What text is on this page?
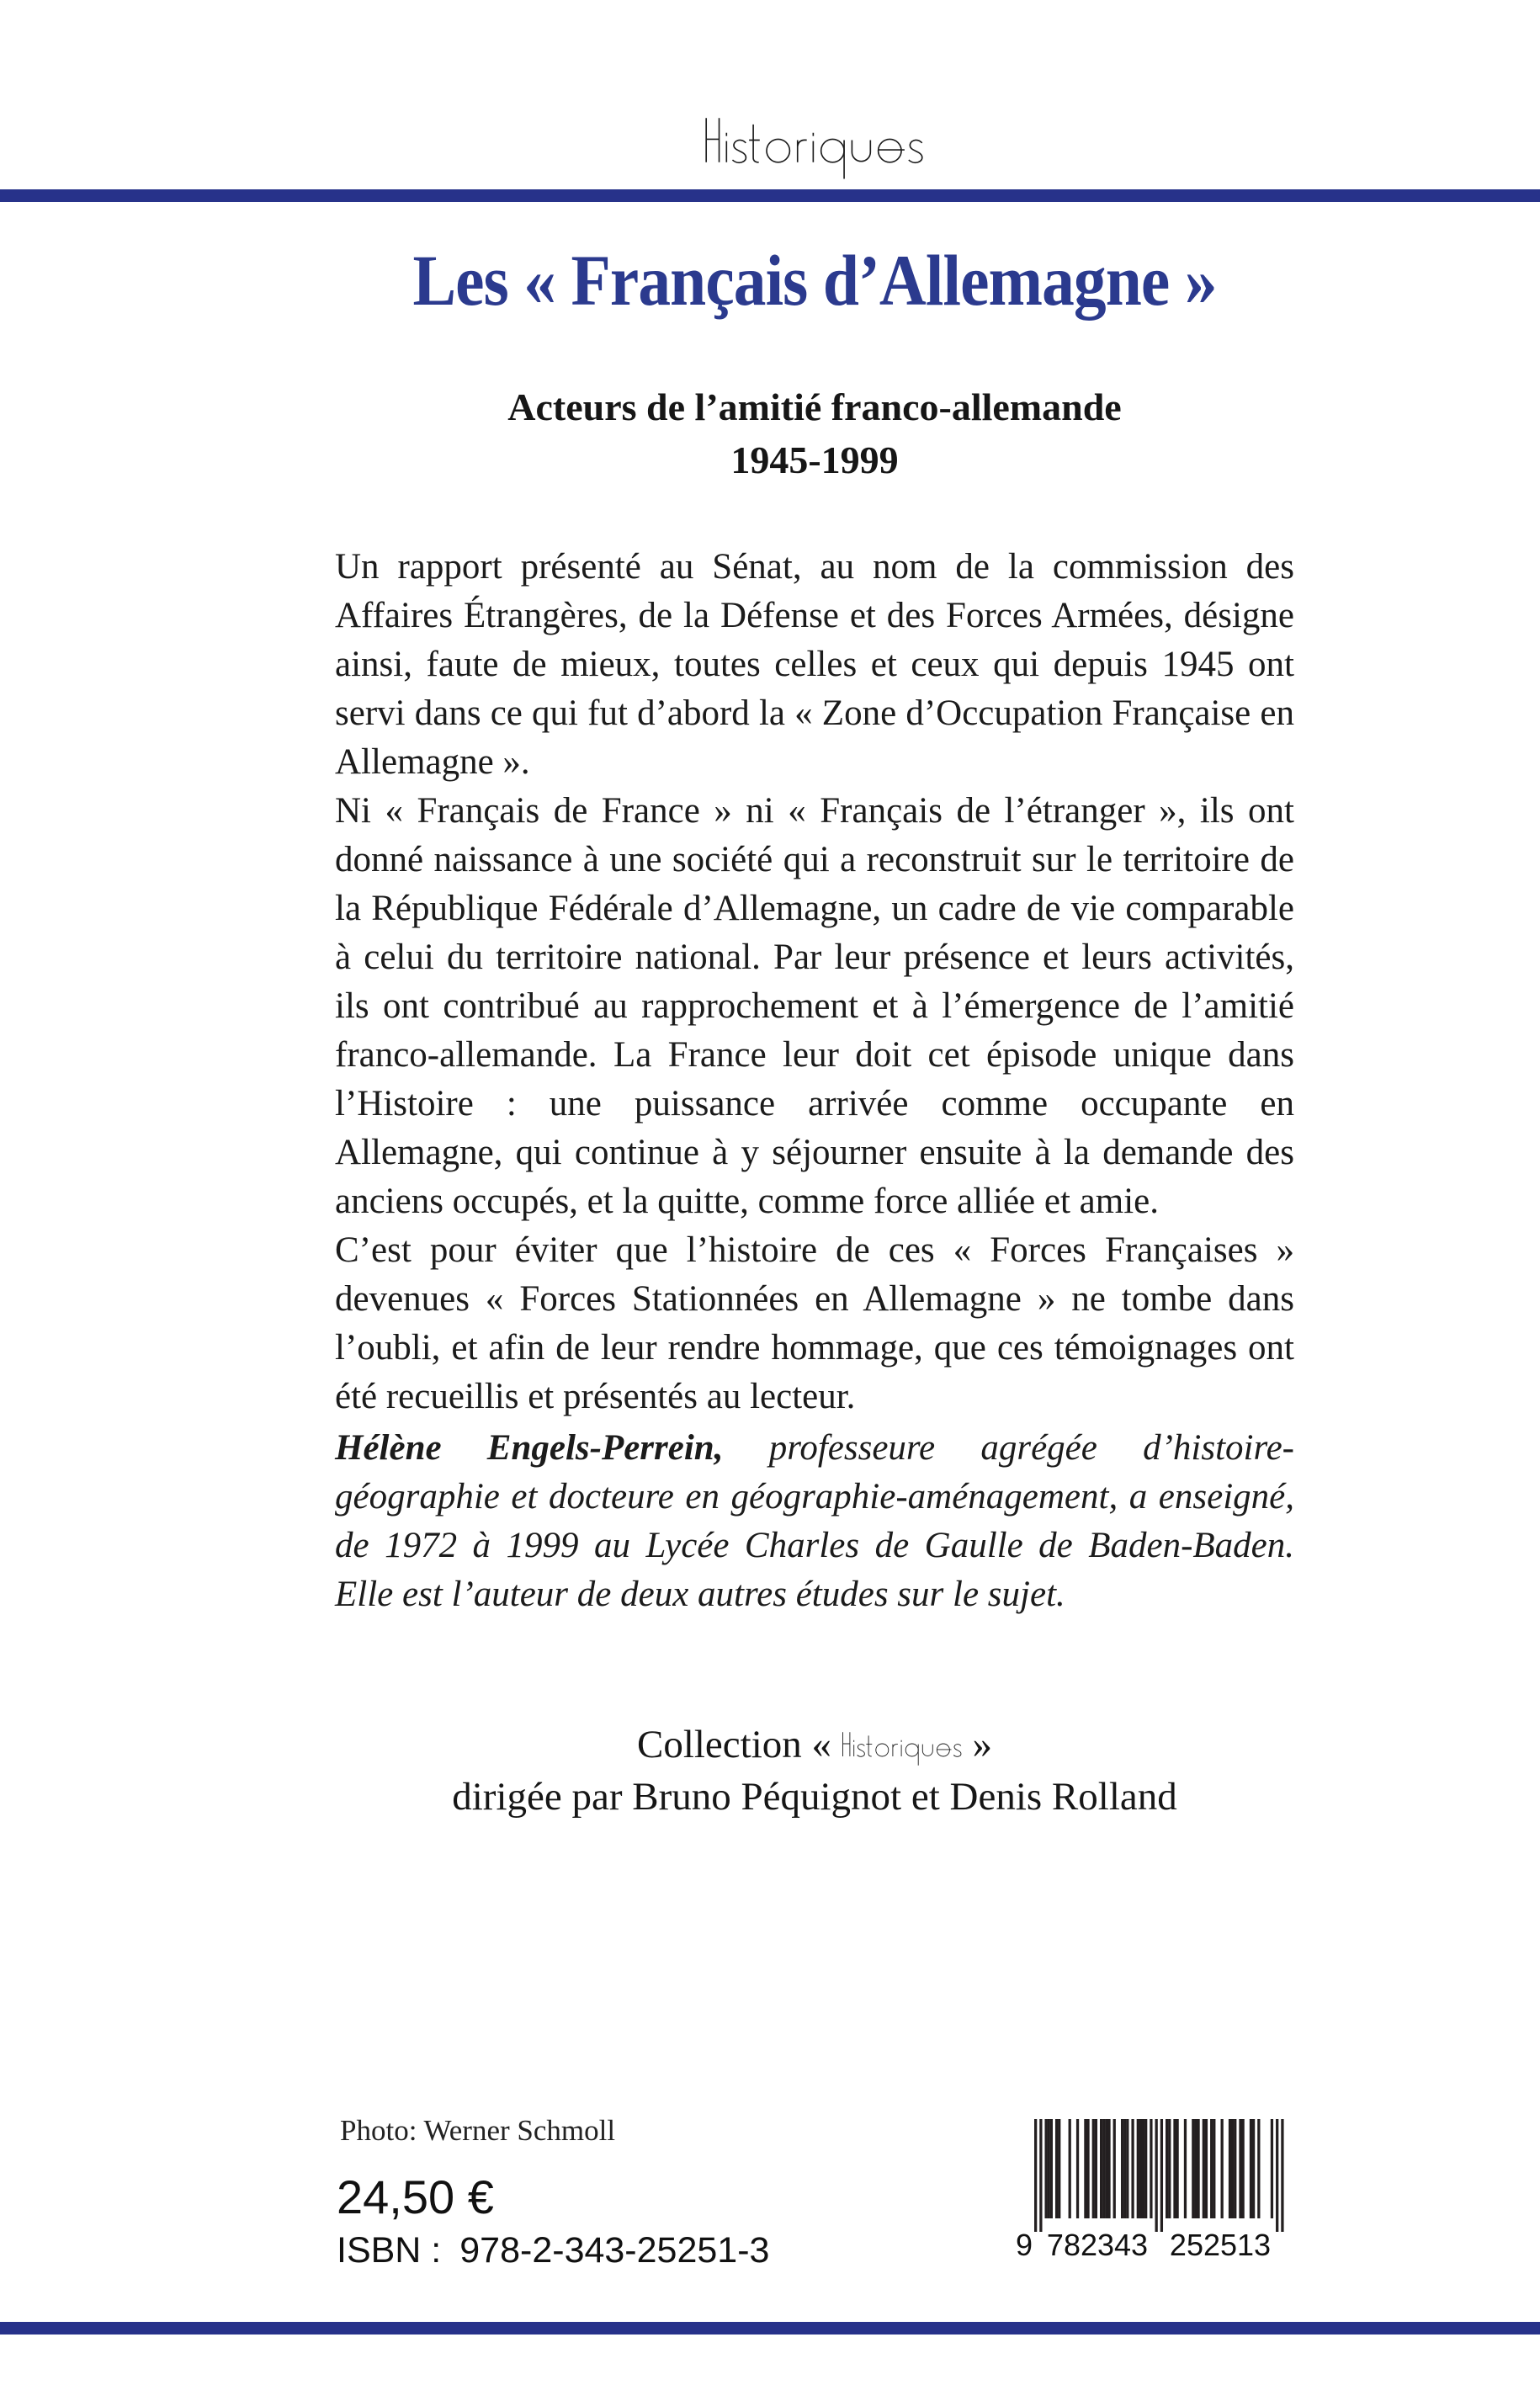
Les « Français d’Allemagne »
Acteurs de l’amitié franco-allemande
1945-1999

Un rapport présenté au Sénat, au nom de la commission des Affaires Étrangères, de la Défense et des Forces Armées, désigne ainsi, faute de mieux, toutes celles et ceux qui depuis 1945 ont servi dans ce qui fut d’abord la « Zone d’Occupation Française en Allemagne ».

Ni « Français de France » ni « Français de l’étranger », ils ont donné naissance à une société qui a reconstruit sur le territoire de la République Fédérale d’Allemagne, un cadre de vie comparable à celui du territoire national. Par leur présence et leurs activités, ils ont contribué au rapprochement et à l’émergence de l’amitié franco-allemande. La France leur doit cet épisode unique dans l’Histoire : une puissance arrivée comme occupante en Allemagne, qui continue à y séjourner ensuite à la demande des anciens occupés, et la quitte, comme force alliée et amie.

C’est pour éviter que l’histoire de ces « Forces Françaises » devenues « Forces Stationnées en Allemagne » ne tombe dans l’oubli, et afin de leur rendre hommage, que ces témoignages ont été recueillis et présentés au lecteur.

Hélène Engels-Perrein, professeure agrégée d’histoire-géographie et docteure en géographie-aménagement, a enseigné, de 1972 à 1999 au Lycée Charles de Gaulle de Baden-Baden. Elle est l’auteur de deux autres études sur le sujet.
Collection «	»
dirigée par Bruno Péquignot et Denis Rolland
Photo: Werner Schmoll
24,50 €
ISBN : 978-2-343-25251-3	9 782343 252513
